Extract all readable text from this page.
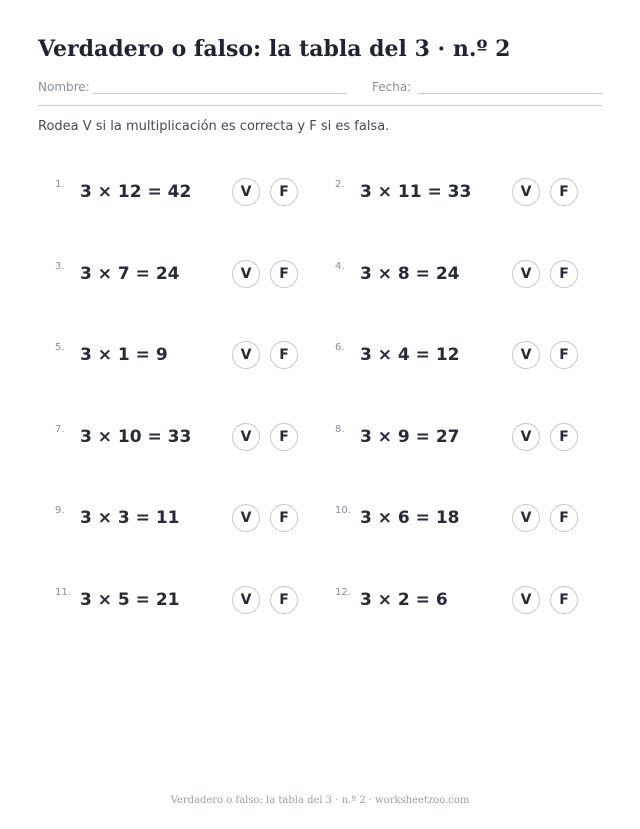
Verdadero o falso: la tabla del 3 · n.º 2
Nombre:	Fecha:
Rodea V si la multiplicación es correcta y F si es falsa.
1. 3 × 12 = 42	V	F	2. 3 × 11 = 33	V	F
3. 3 × 7 = 24	V	F	4. 3 × 8 = 24	V	F
5. 3 × 1 = 9	V	F	6. 3 × 4 = 12	V	F
7. 3 × 10 = 33	V	F	8. 3 × 9 = 27	V	F
9. 3 × 3 = 11	V	F	10. 3 × 6 = 18	V	F
11. 3 × 5 = 21	V	F	12. 3 × 2 = 6	V	F
Verdadero o falso: la tabla del 3 · n.º 2 · worksheetzoo.com
